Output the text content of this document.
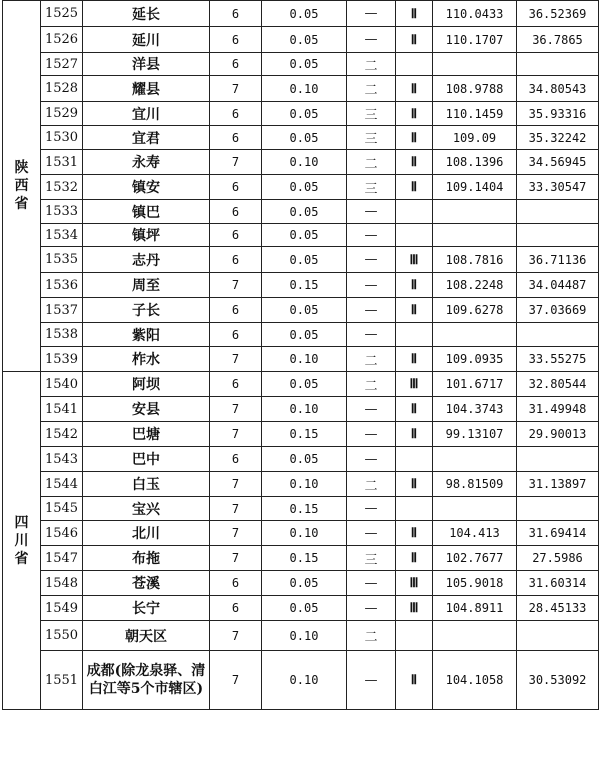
陕西省	1525	延长	6	0.05	—	Ⅱ	110.0433	36.52369
	1526	延川	6	0.05	—	Ⅱ	110.1707	36.7865
	1527	洋县	6	0.05	二			
	1528	耀县	7	0.10	二	Ⅱ	108.9788	34.80543
	1529	宜川	6	0.05	三	Ⅱ	110.1459	35.93316
	1530	宜君	6	0.05	三	Ⅱ	109.09	35.32242
	1531	永寿	7	0.10	二	Ⅱ	108.1396	34.56945
	1532	镇安	6	0.05	三	Ⅱ	109.1404	33.30547
	1533	镇巴	6	0.05	—			
	1534	镇坪	6	0.05	—			
	1535	志丹	6	0.05	—	Ⅲ	108.7816	36.71136
	1536	周至	7	0.15	—	Ⅱ	108.2248	34.04487
	1537	子长	6	0.05	—	Ⅱ	109.6278	37.03669
	1538	紫阳	6	0.05	—			
	1539	柞水	7	0.10	二	Ⅱ	109.0935	33.55275
四川省	1540	阿坝	6	0.05	二	Ⅲ	101.6717	32.80544
	1541	安县	7	0.10	—	Ⅱ	104.3743	31.49948
	1542	巴塘	7	0.15	—	Ⅱ	99.13107	29.90013
	1543	巴中	6	0.05	—			
	1544	白玉	7	0.10	二	Ⅱ	98.81509	31.13897
	1545	宝兴	7	0.15	—			
	1546	北川	7	0.10	—	Ⅱ	104.413	31.69414
	1547	布拖	7	0.15	三	Ⅱ	102.7677	27.5986
	1548	苍溪	6	0.05	—	Ⅲ	105.9018	31.60314
	1549	长宁	6	0.05	—	Ⅲ	104.8911	28.45133
	1550	朝天区	7	0.10	二			
	1551	成都(除龙泉驿、清白江等5个市辖区)	7	0.10	—	Ⅱ	104.1058	30.53092
